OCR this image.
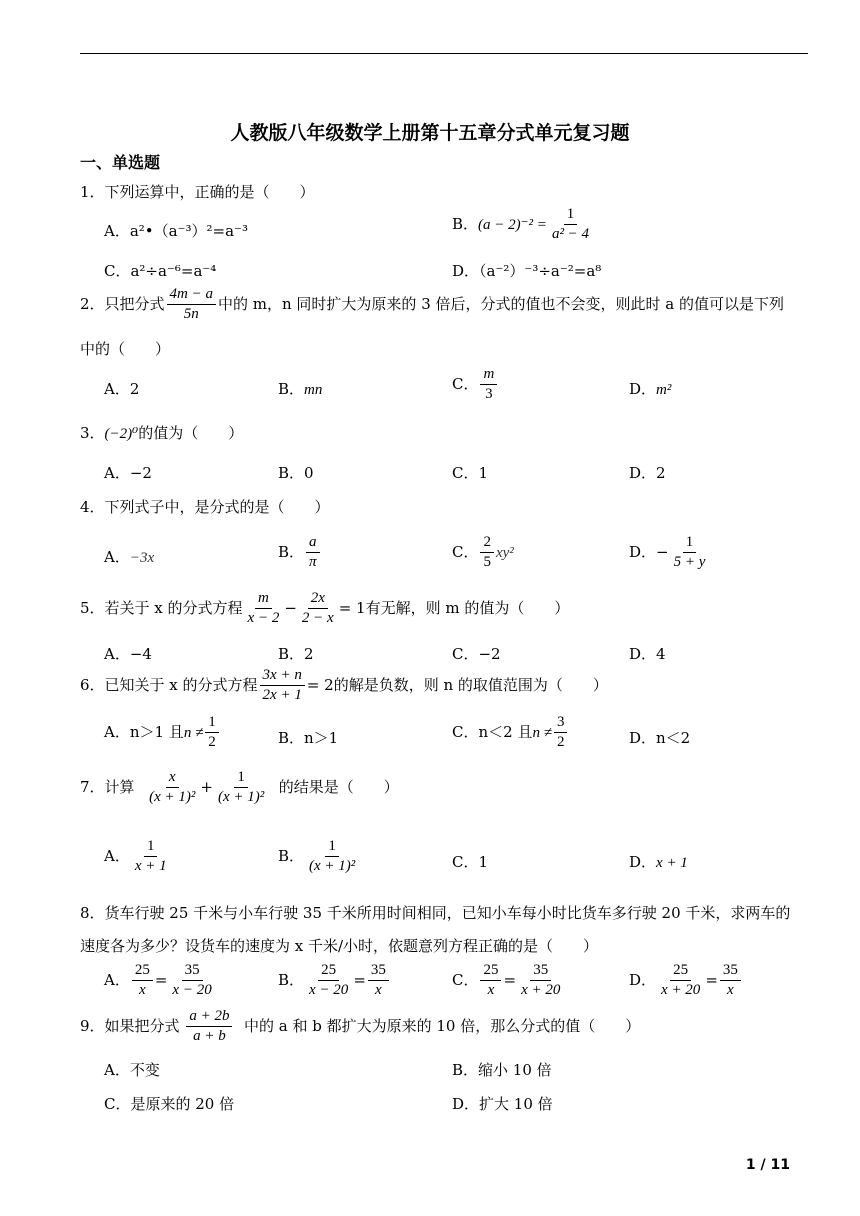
人教版八年级数学上册第十五章分式单元复习题
一、单选题
1．下列运算中，正确的是（　　）
A．a²•（a⁻³）²=a⁻³	B．$(a - 2)^{-2} = \frac{1}{\text{a² − 4}}$
C．a²÷a⁻⁶=a⁻⁴	D．（a⁻²）⁻³÷a⁻²=a⁸
2．只把分式 $\frac{4m - a}{5n}$ 中的 m，n 同时扩大为原来的 3 倍后，分式的值也不会变，则此时 a 的值可以是下列
中的（　　）
A．2	B．mn	C． $\frac{m}{3}$	D．m²
3．(−2)⁰的值为（　　）
A．−2	B．0	C．1	D．2
4．下列式子中，是分式的是（　　）
A．−3x	B． $\frac{a}{\pi}$	C． $\frac{2}{5} xy^2$	D．− $\frac{1}{5 + y}$
5．若关于 x 的分式方程 $\frac{m}{x - 2} - \frac{2x}{2 - x} = 1$有无解，则 m 的值为（　　）
A．−4	B．2	C．−2	D．4
6．已知关于 x 的分式方程 $\frac{3x + n}{2x + 1} = 2$的解是负数，则 n 的取值范围为（　　）
A．n＞1 且$n \ne \frac{1}{2}$	B．n＞1	C．n＜2 且$n \ne \frac{3}{2}$	D．n＜2
7．计算 $\frac{x}{\text{(x + 1)²}} + \frac{1}{\text{(x + 1)²}}$ 的结果是（　　）
A． $\frac{1}{x + 1}$	B． $\frac{1}{\text{(x + 1)²}}$	C．1	D．x + 1
8．货车行驶 25 千米与小车行驶 35 千米所用时间相同，已知小车每小时比货车多行驶 20 千米，求两车的
速度各为多少？设货车的速度为 x 千米/小时，依题意列方程正确的是（　　）
A． $\frac{25}{x} = \frac{35}{x - 20}$	B． $\frac{25}{x - 20} = \frac{35}{x}$	C． $\frac{25}{x} = \frac{35}{x + 20}$	D． $\frac{25}{x + 20} = \frac{35}{x}$
9．如果把分式 $\frac{a + 2b}{a + b}$ 中的 a 和 b 都扩大为原来的 10 倍，那么分式的值（　　）
A．不变	B．缩小 10 倍
C．是原来的 20 倍	D．扩大 10 倍
1 / 11
